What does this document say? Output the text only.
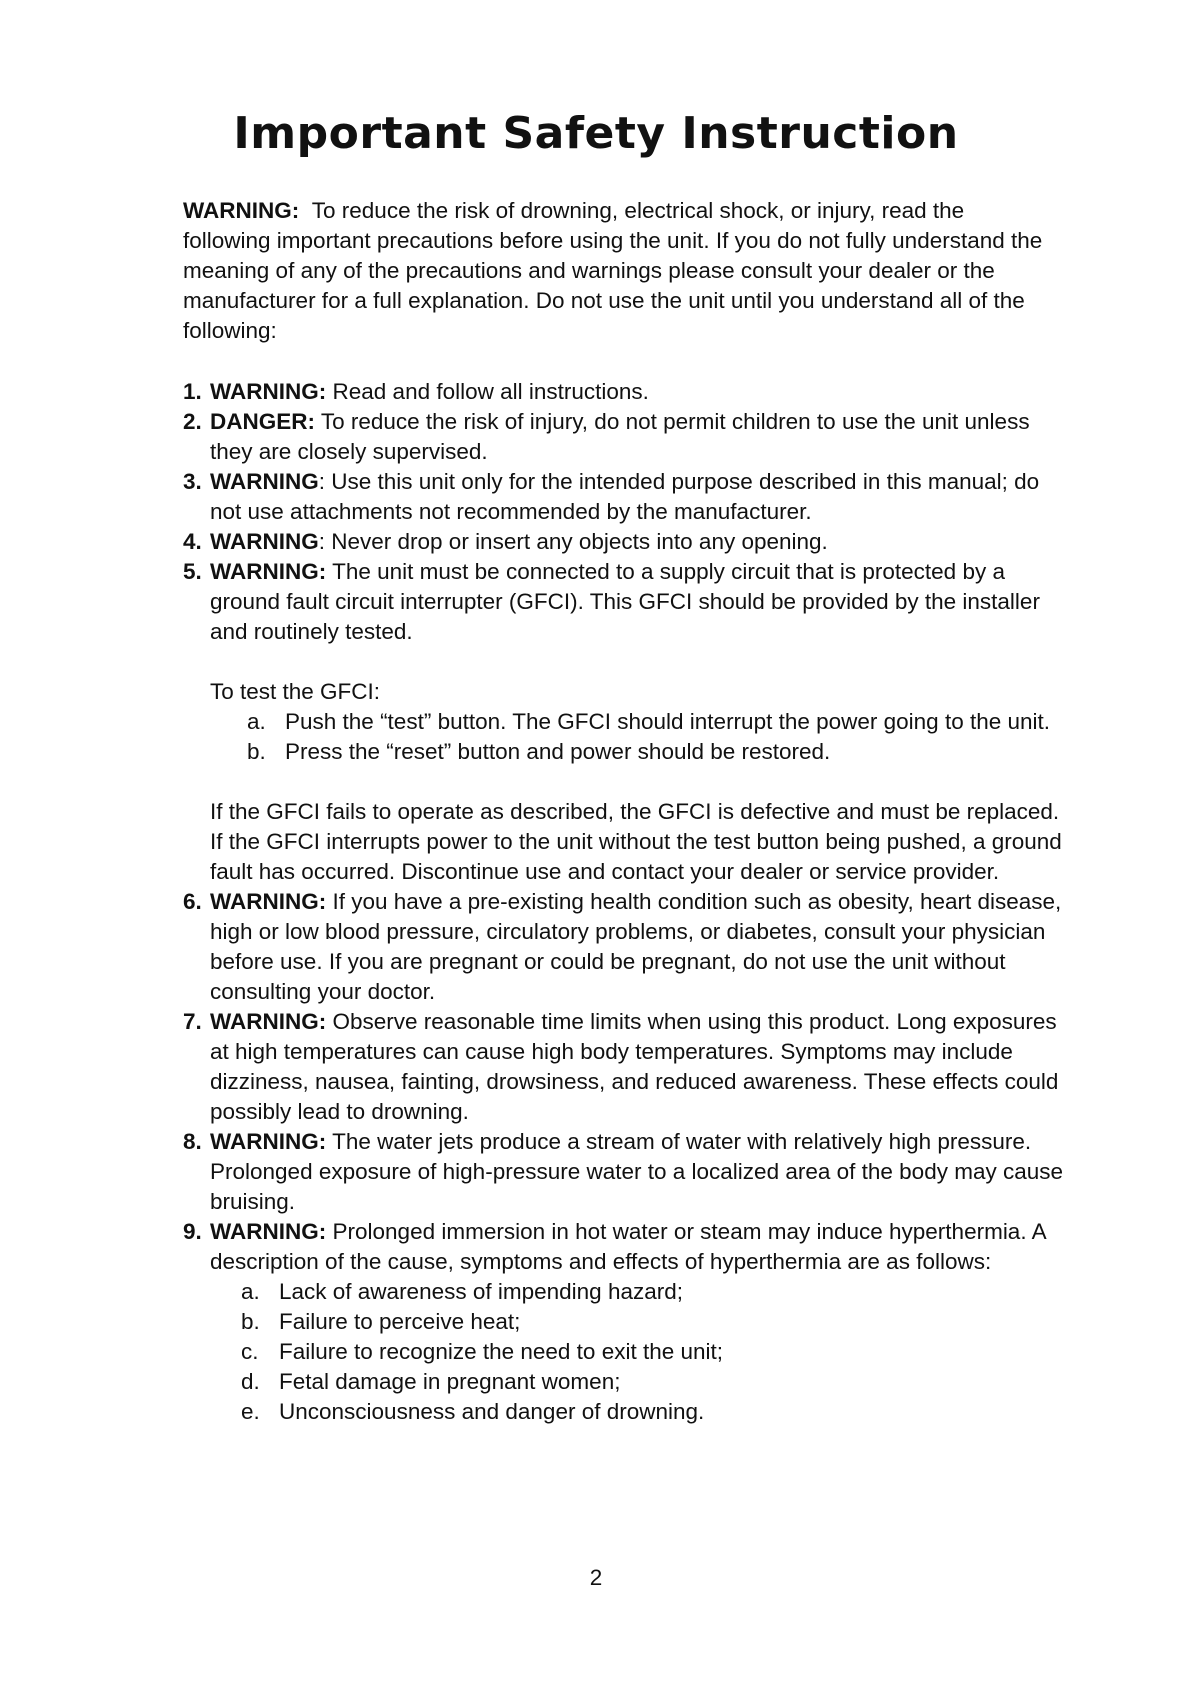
Important Safety Instruction

WARNING: To reduce the risk of drowning, electrical shock, or injury, read the following important precautions before using the unit. If you do not fully understand the meaning of any of the precautions and warnings please consult your dealer or the manufacturer for a full explanation. Do not use the unit until you understand all of the following:

1. WARNING: Read and follow all instructions.
2. DANGER: To reduce the risk of injury, do not permit children to use the unit unless they are closely supervised.
3. WARNING: Use this unit only for the intended purpose described in this manual; do not use attachments not recommended by the manufacturer.
4. WARNING: Never drop or insert any objects into any opening.
5. WARNING: The unit must be connected to a supply circuit that is protected by a ground fault circuit interrupter (GFCI). This GFCI should be provided by the installer and routinely tested.
To test the GFCI:
a. Push the “test” button. The GFCI should interrupt the power going to the unit.
b. Press the “reset” button and power should be restored.
If the GFCI fails to operate as described, the GFCI is defective and must be replaced. If the GFCI interrupts power to the unit without the test button being pushed, a ground fault has occurred. Discontinue use and contact your dealer or service provider.
6. WARNING: If you have a pre-existing health condition such as obesity, heart disease, high or low blood pressure, circulatory problems, or diabetes, consult your physician before use. If you are pregnant or could be pregnant, do not use the unit without consulting your doctor.
7. WARNING: Observe reasonable time limits when using this product. Long exposures at high temperatures can cause high body temperatures. Symptoms may include dizziness, nausea, fainting, drowsiness, and reduced awareness. These effects could possibly lead to drowning.
8. WARNING: The water jets produce a stream of water with relatively high pressure. Prolonged exposure of high-pressure water to a localized area of the body may cause bruising.
9. WARNING: Prolonged immersion in hot water or steam may induce hyperthermia. A description of the cause, symptoms and effects of hyperthermia are as follows:
a. Lack of awareness of impending hazard;
b. Failure to perceive heat;
c. Failure to recognize the need to exit the unit;
d. Fetal damage in pregnant women;
e. Unconsciousness and danger of drowning.
2
